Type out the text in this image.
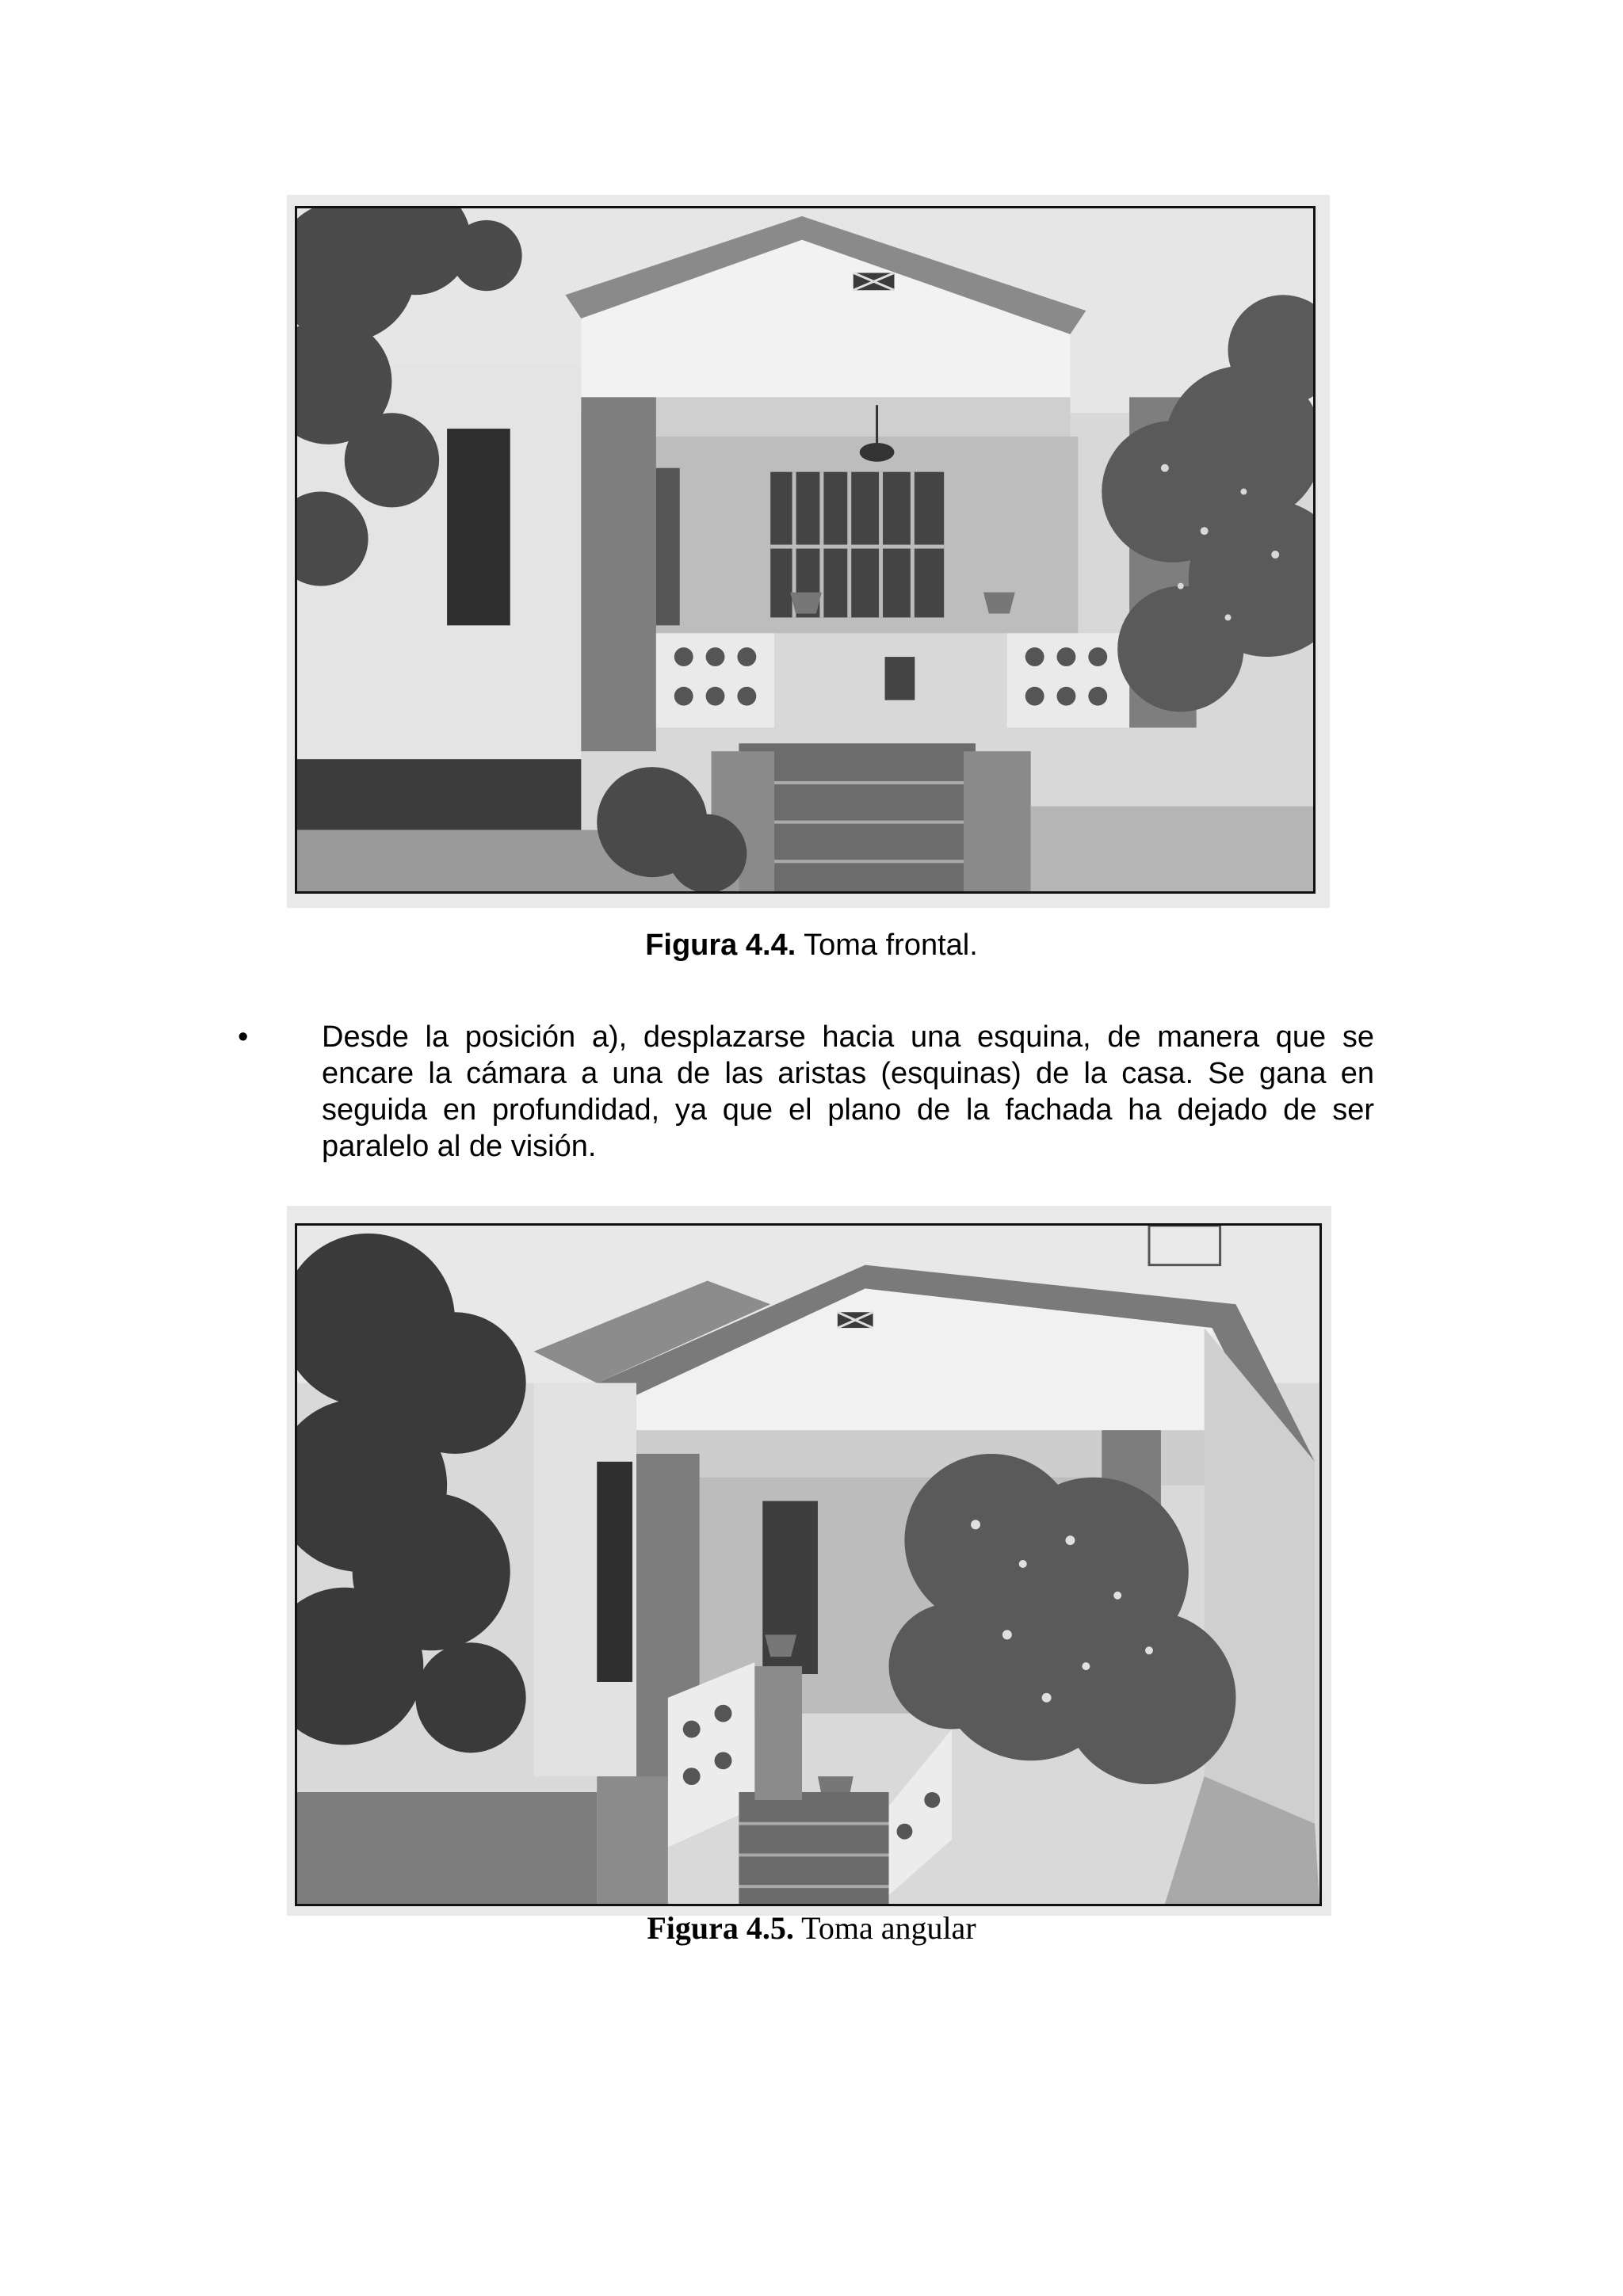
Figura 4.4. Toma frontal.
• Desde la posición a), desplazarse hacia una esquina, de manera que se encare la cámara a una de las aristas (esquinas) de la casa. Se gana en seguida en profundidad, ya que el plano de la fachada ha dejado de ser paralelo al de visión.
Figura 4.5. Toma angular
